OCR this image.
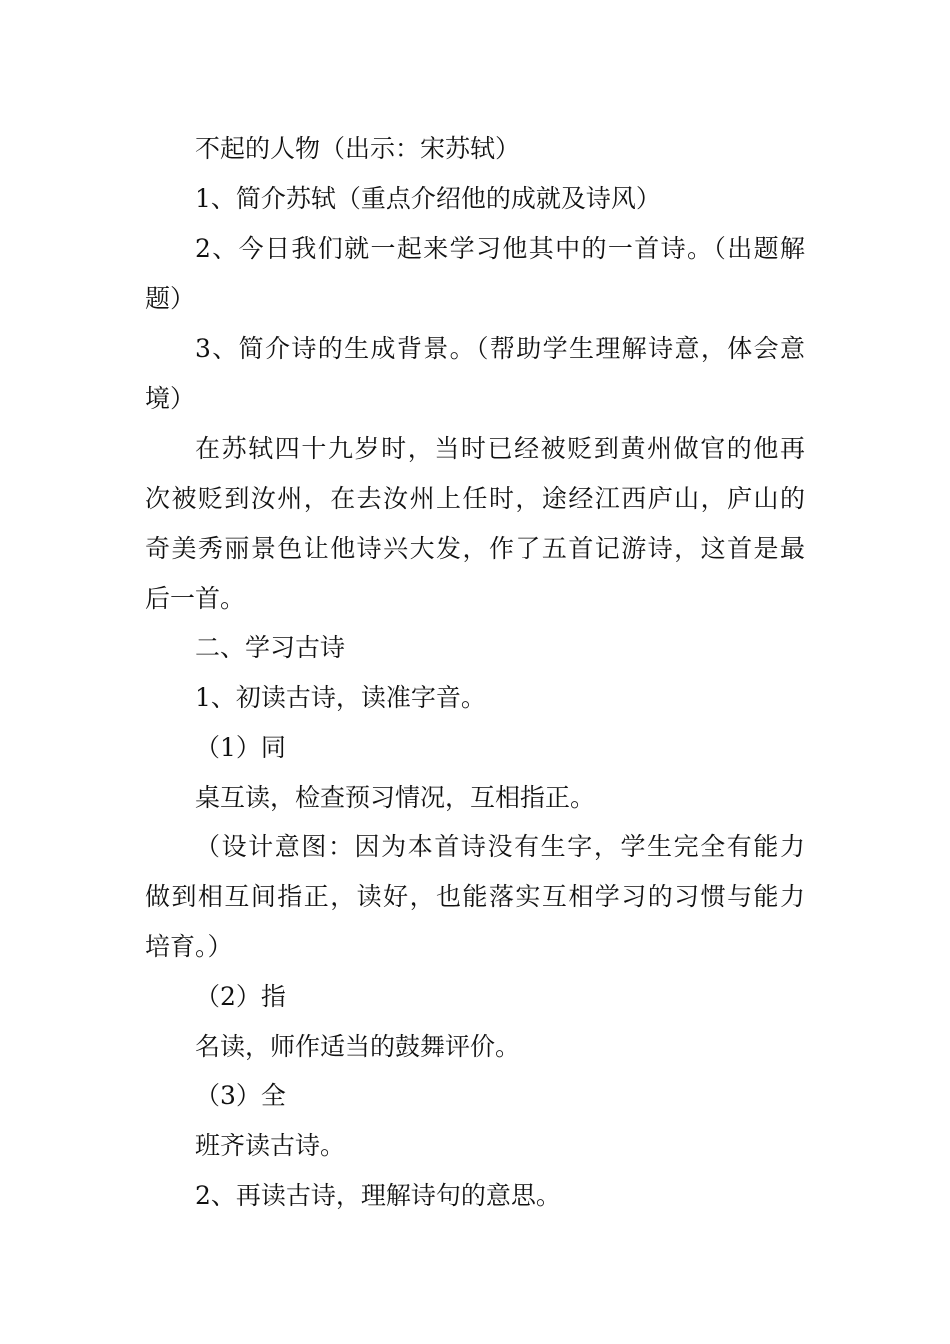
不起的人物（出示：宋苏轼）
1、简介苏轼（重点介绍他的成就及诗风）
2、今日我们就一起来学习他其中的一首诗。（出题解
题）
3、简介诗的生成背景。（帮助学生理解诗意，体会意
境）
在苏轼四十九岁时，当时已经被贬到黄州做官的他再
次被贬到汝州，在去汝州上任时，途经江西庐山，庐山的
奇美秀丽景色让他诗兴大发，作了五首记游诗，这首是最
后一首。
二、学习古诗
1、初读古诗，读准字音。
（1）同
桌互读，检查预习情况，互相指正。
（设计意图：因为本首诗没有生字，学生完全有能力
做到相互间指正，读好，也能落实互相学习的习惯与能力
培育。）
（2）指
名读，师作适当的鼓舞评价。
（3）全
班齐读古诗。
2、再读古诗，理解诗句的意思。
